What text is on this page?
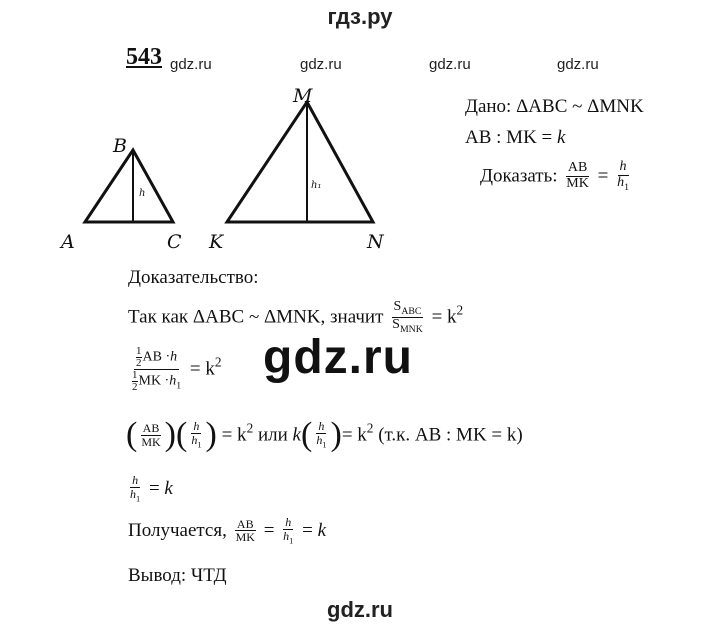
гдз.ру
gdz.ru	gdz.ru	gdz.ru	gdz.ru
gdz.ru
gdz.ru
543
B
A	C
h
M
K	N
h₁
Дано: ΔABC ~ ΔMNK
AB : MK = k
Доказать: $\frac{AB}{MK} = \frac{h}{h_1}$
Доказательство:
Так как ΔABC ~ ΔMNK, значит $\frac{S_{ABC}}{S_{MNK}} = k^2$
$\frac{\frac{1}{2} AB \cdot h}{\frac{1}{2} MK \cdot h_1} = k^2$
( $\frac{AB}{MK}$ )( $\frac{h}{h_1}$ ) = $k^2$ или $k( \frac{h}{h_1}$ )= $k^2$ (т.к. AB : MK = k)
$\frac{h}{h_1} = k$
Получается, $\frac{AB}{MK} = \frac{h}{h_1} = k$
Вывод: ЧТД
